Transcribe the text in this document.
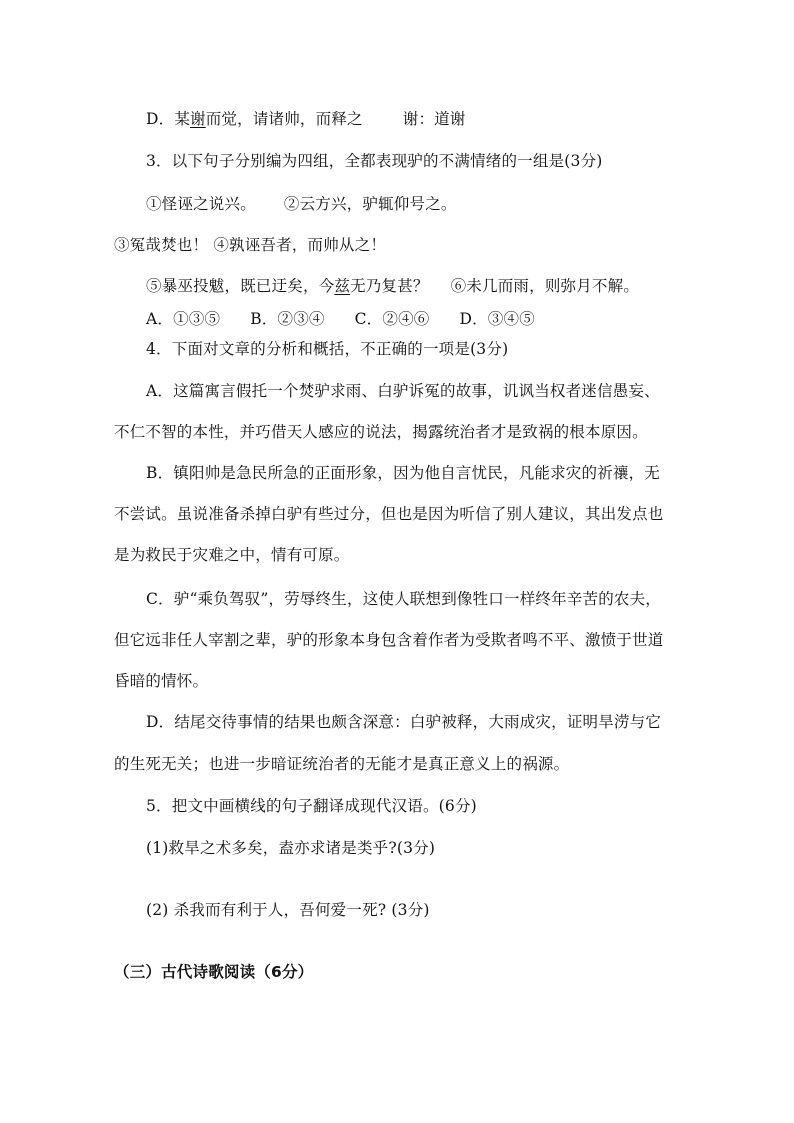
D．某谢而觉，请诸帅，而释之	谢：道谢
3．以下句子分别编为四组，全都表现驴的不满情绪的一组是(3分)
①怪诬之说兴。 ②云方兴，驴辄仰号之。
③冤哉焚也！ ④孰诬吾者，而帅从之！
⑤暴巫投魃，既已迂矣，今兹无乃复甚？ ⑥未几而雨，则弥月不解。
A．①③⑤ B．②③④ C．②④⑥ D．③④⑤
4．下面对文章的分析和概括，不正确的一项是(3分)
A．这篇寓言假托一个焚驴求雨、白驴诉冤的故事，讥讽当权者迷信愚妄、
不仁不智的本性，并巧借天人感应的说法，揭露统治者才是致祸的根本原因。
B．镇阳帅是急民所急的正面形象，因为他自言忧民，凡能求灾的祈禳，无
不尝试。虽说准备杀掉白驴有些过分，但也是因为听信了别人建议，其出发点也
是为救民于灾难之中，情有可原。
C．驴“乘负驾驭”，劳辱终生，这使人联想到像牲口一样终年辛苦的农夫，
但它远非任人宰割之辈，驴的形象本身包含着作者为受欺者鸣不平、激愤于世道
昏暗的情怀。
D．结尾交待事情的结果也颇含深意：白驴被释，大雨成灾，证明旱涝与它
的生死无关；也进一步暗证统治者的无能才是真正意义上的祸源。
5．把文中画横线的句子翻译成现代汉语。(6分)
(1)救旱之术多矣，盍亦求诸是类乎?(3分)
(2) 杀我而有利于人，吾何爱一死? (3分)
（三）古代诗歌阅读（6分）
